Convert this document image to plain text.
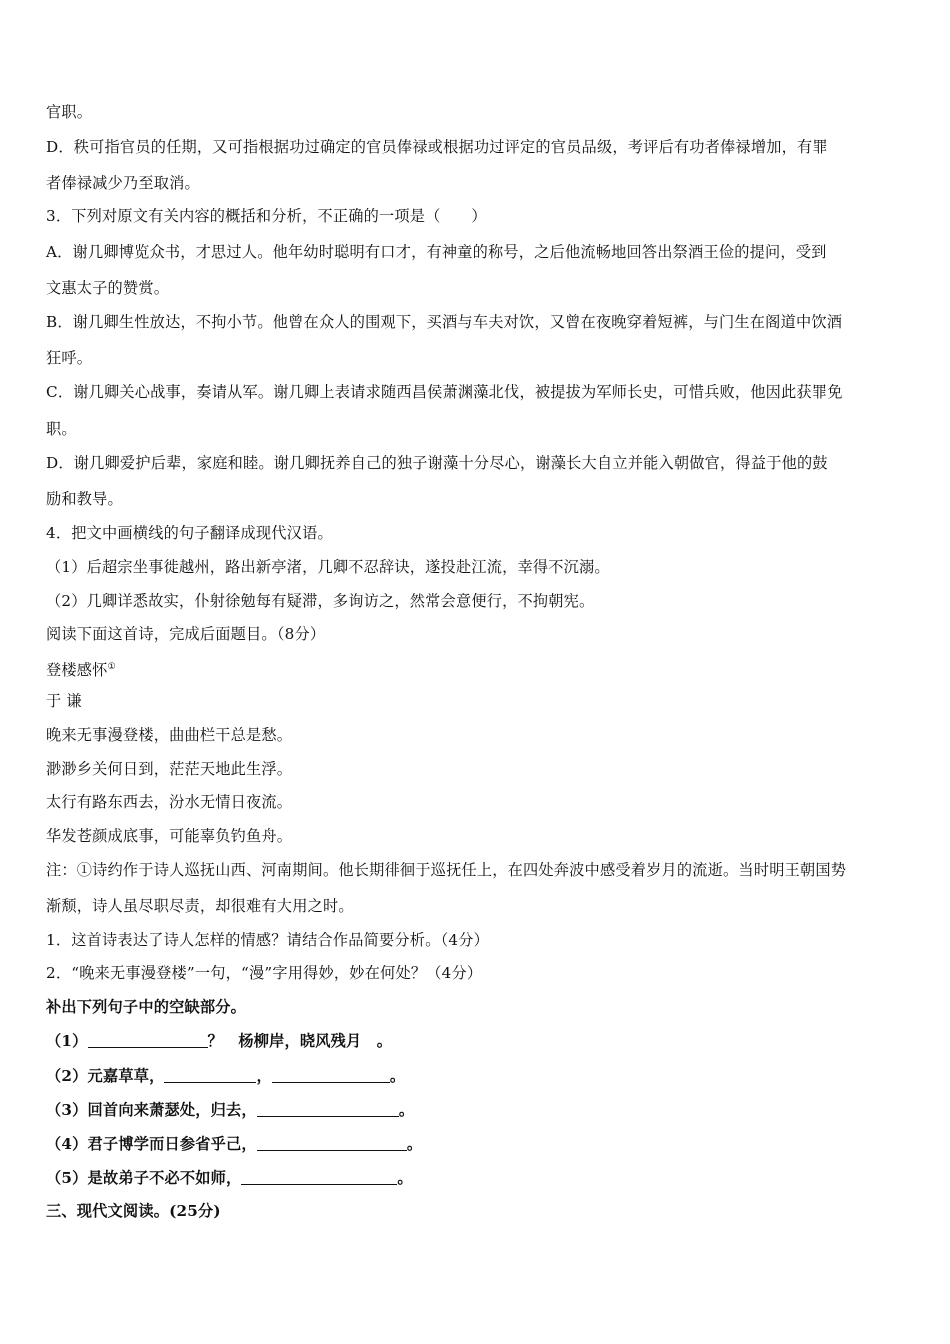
官职。
D．秩可指官员的任期，又可指根据功过确定的官员俸禄或根据功过评定的官员品级，考评后有功者俸禄增加，有罪
者俸禄减少乃至取消。
3．下列对原文有关内容的概括和分析，不正确的一项是（　　）
A．谢几卿博览众书，才思过人。他年幼时聪明有口才，有神童的称号，之后他流畅地回答出祭酒王俭的提问，受到
文惠太子的赞赏。
B．谢几卿生性放达，不拘小节。他曾在众人的围观下，买酒与车夫对饮，又曾在夜晚穿着短裤，与门生在阁道中饮酒
狂呼。
C．谢几卿关心战事，奏请从军。谢几卿上表请求随西昌侯萧渊藻北伐，被提拔为军师长史，可惜兵败，他因此获罪免
职。
D．谢几卿爱护后辈，家庭和睦。谢几卿抚养自己的独子谢藻十分尽心，谢藻长大自立并能入朝做官，得益于他的鼓
励和教导。
4．把文中画横线的句子翻译成现代汉语。
（1）后超宗坐事徙越州，路出新亭渚，几卿不忍辞诀，遂投赴江流，幸得不沉溺。
（2）几卿详悉故实，仆射徐勉每有疑滞，多询访之，然常会意便行，不拘朝宪。
阅读下面这首诗，完成后面题目。（8分）
登楼感怀①
于 谦
晚来无事漫登楼，曲曲栏干总是愁。
渺渺乡关何日到，茫茫天地此生浮。
太行有路东西去，汾水无情日夜流。
华发苍颜成底事，可能辜负钓鱼舟。
注：①诗约作于诗人巡抚山西、河南期间。他长期徘徊于巡抚任上，在四处奔波中感受着岁月的流逝。当时明王朝国势
渐颓，诗人虽尽职尽责，却很难有大用之时。
1．这首诗表达了诗人怎样的情感？请结合作品简要分析。（4分）
2．“晚来无事漫登楼”一句，“漫”字用得妙，妙在何处？（4分）
补出下列句子中的空缺部分。
（1）	？　杨柳岸，晓风残月　。
（2）元嘉草草，	，	。
（3）回首向来萧瑟处，归去，	。
（4）君子博学而日参省乎己，	。
（5）是故弟子不必不如师，	。
三、现代文阅读。(25分)
